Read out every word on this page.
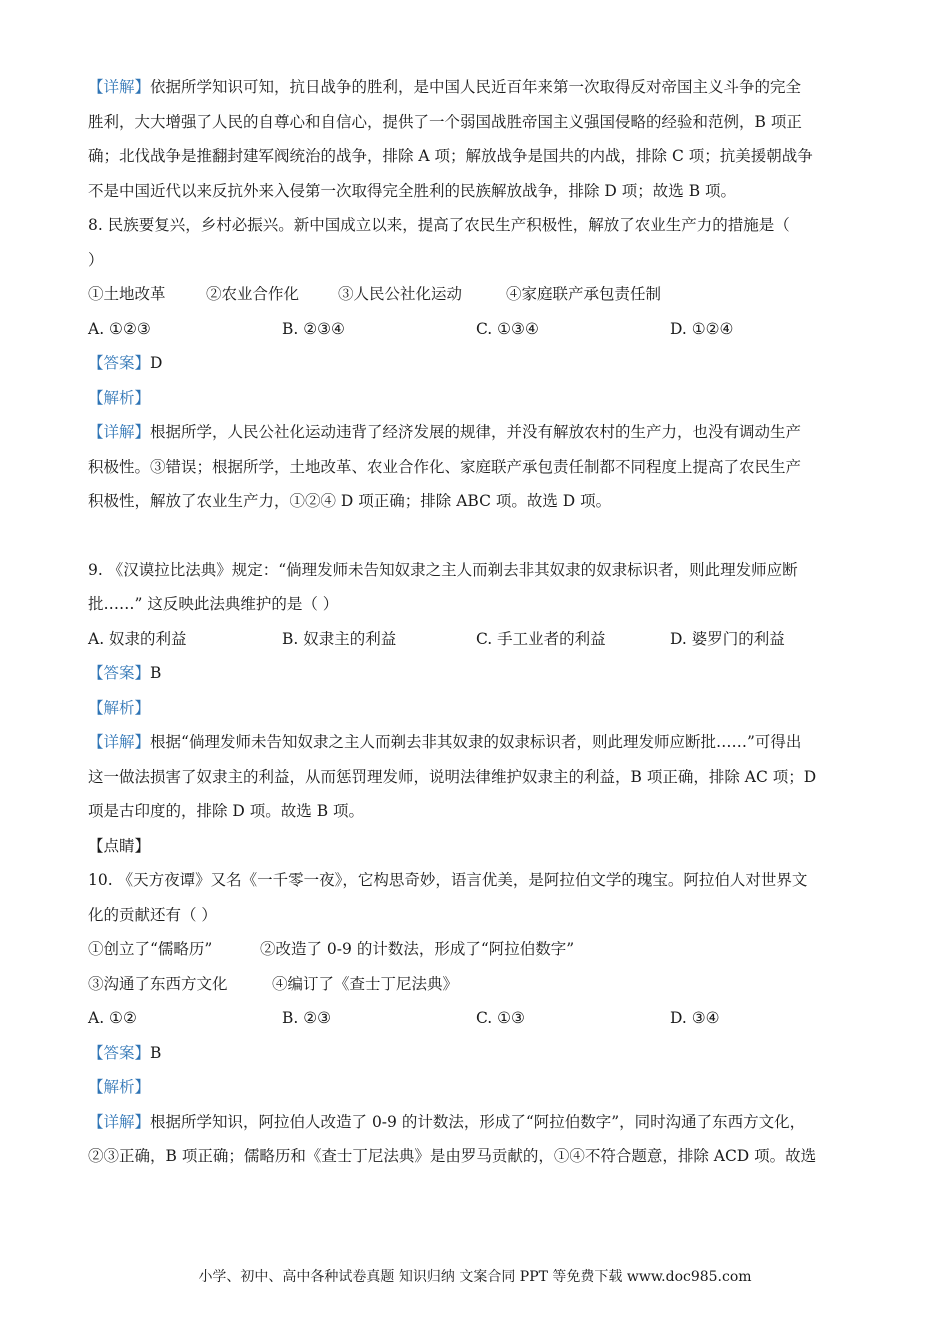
【详解】依据所学知识可知，抗日战争的胜利，是中国人民近百年来第一次取得反对帝国主义斗争的完全

胜利，大大增强了人民的自尊心和自信心，提供了一个弱国战胜帝国主义强国侵略的经验和范例，B 项正

确；北伐战争是推翻封建军阀统治的战争，排除 A 项；解放战争是国共的内战，排除 C 项；抗美援朝战争

不是中国近代以来反抗外来入侵第一次取得完全胜利的民族解放战争，排除 D 项；故选 B 项。

8. 民族要复兴，乡村必振兴。新中国成立以来，提高了农民生产积极性，解放了农业生产力的措施是（

）

①土地改革	②农业合作化	③人民公社化运动	④家庭联产承包责任制
A. ①②③	B. ②③④	C. ①③④	D. ①②④

【答案】D

【解析】

【详解】根据所学，人民公社化运动违背了经济发展的规律，并没有解放农村的生产力，也没有调动生产

积极性。③错误；根据所学，土地改革、农业合作化、家庭联产承包责任制都不同程度上提高了农民生产

积极性，解放了农业生产力，①②④ D 项正确；排除 ABC 项。故选 D 项。

9. 《汉谟拉比法典》规定：“倘理发师未告知奴隶之主人而剃去非其奴隶的奴隶标识者，则此理发师应断

批……” 这反映此法典维护的是（ ）

A. 奴隶的利益	B. 奴隶主的利益	C. 手工业者的利益	D. 婆罗门的利益

【答案】B

【解析】

【详解】根据“倘理发师未告知奴隶之主人而剃去非其奴隶的奴隶标识者，则此理发师应断批……”可得出

这一做法损害了奴隶主的利益，从而惩罚理发师，说明法律维护奴隶主的利益，B 项正确，排除 AC 项；D

项是古印度的，排除 D 项。故选 B 项。

【点睛】

10. 《天方夜谭》又名《一千零一夜》，它构思奇妙，语言优美，是阿拉伯文学的瑰宝。阿拉伯人对世界文

化的贡献还有（ ）

①创立了“儒略历”	②改造了 0-9 的计数法，形成了“阿拉伯数字”
③沟通了东西方文化	④编订了《查士丁尼法典》
A. ①②	B. ②③	C. ①③	D. ③④

【答案】B

【解析】

【详解】根据所学知识，阿拉伯人改造了 0-9 的计数法，形成了“阿拉伯数字”，同时沟通了东西方文化，

②③正确，B 项正确；儒略历和《查士丁尼法典》是由罗马贡献的，①④不符合题意，排除 ACD 项。故选

小学、初中、高中各种试卷真题 知识归纳 文案合同 PPT 等免费下载 www.doc985.com
